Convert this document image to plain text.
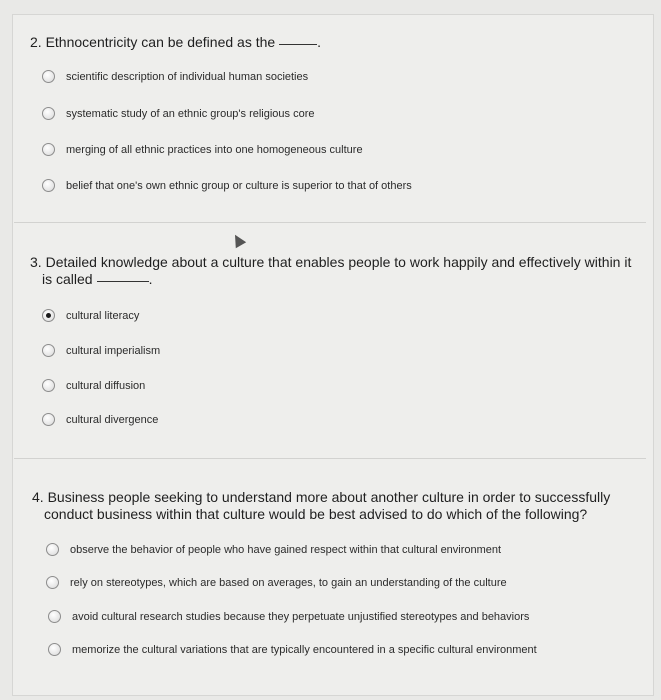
2. Ethnocentricity can be defined as the	.
scientific description of individual human societies
systematic study of an ethnic group's religious core
merging of all ethnic practices into one homogeneous culture
belief that one's own ethnic group or culture is superior to that of others
3. Detailed knowledge about a culture that enables people to work happily and effectively within it
is called	.
cultural literacy
cultural imperialism
cultural diffusion
cultural divergence
4. Business people seeking to understand more about another culture in order to successfully
conduct business within that culture would be best advised to do which of the following?
observe the behavior of people who have gained respect within that cultural environment
rely on stereotypes, which are based on averages, to gain an understanding of the culture
avoid cultural research studies because they perpetuate unjustified stereotypes and behaviors
memorize the cultural variations that are typically encountered in a specific cultural environment
